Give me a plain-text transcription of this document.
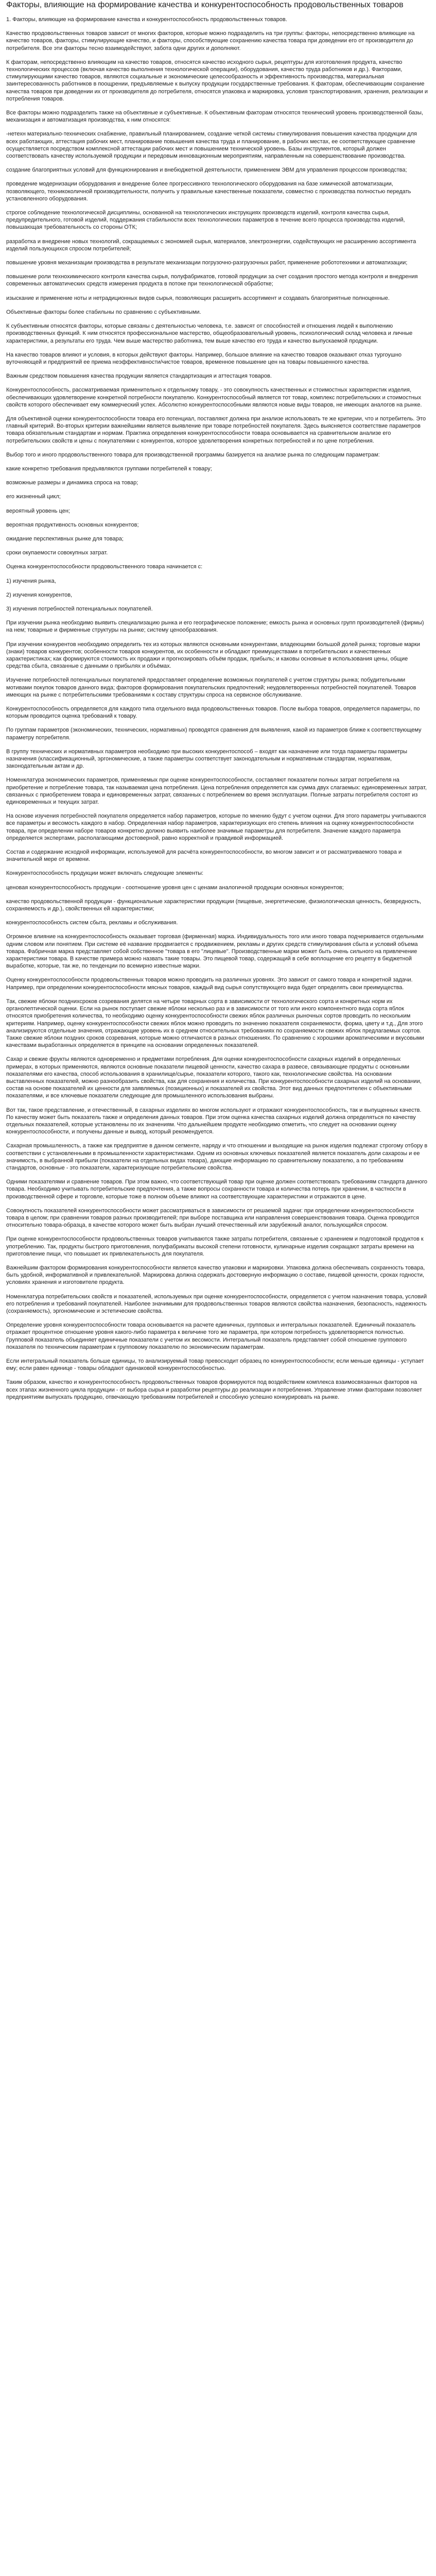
Факторы, влияющие на формирование качества и конкурентоспособность продовольственных товаров

1. Факторы, влияющие на формирование качества и конкурентоспособность продовольственных товаров.

Качество продовольственных товаров зависит от многих факторов, которые можно подразделить на три группы: факторы, непосредственно влияющие на качество товаров, факторы, стимулирующие качество, и факторы, способствующие сохранению качества товара при доведении его от производителя до потребителя. Все эти факторы тесно взаимодействуют, забота одни других и дополняют.

К факторам, непосредственно влияющим на качество товаров, относятся качество исходного сырья, рецептуры для изготовления продукта, качество технологических процессов (включая качество выполнения технологической операции), оборудования, качество труда работников и др.). Факторами, стимулирующими качество товаров, являются социальные и экономические целесообразность и эффективность производства, материальная заинтересованность работников в поощрении, предъявляемые к выпуску продукции государственные требования. К факторам, обеспечивающим сохранение качества товаров при доведении их от производителя до потребителя, относятся упаковка и маркировка, условия транспортирования, хранения, реализации и потребления товаров.

Все факторы можно подразделить также на объективные и субъективные. К объективным факторам относятся технический уровень производственной базы, механизация и автоматизация производства, к ним относятся:

-нетехн материально-технических снабжение, правильный планированием, создание четкой системы стимулирования повышения качества продукции для всех работающих, аттестация рабочих мест, планирование повышения качества труда и планирование, в рабочих местах, ее соответствующее сравнение осуществляется посредством комплексной аттестации рабочих мест и повышением технической уровень. Базы инструментов, который должен соответствовать качеству используемой продукции и передовым инновационным мероприятиям, направленным на совершенствование производства.

создание благоприятных условий для функционирования и внебюджетной деятельности, применением ЭВМ для управления процессом производства;

проведение модернизации оборудования и внедрение более прогрессивного технологического оборудования на базе химической автоматизации, позволяющего, техникоколичной производительности, получить у правильные качественные показатели, совместно с производства полностью передать установленного оборудования.

строгое соблюдение технологической дисциплины, основанной на технологических инструкциях производств изделий, контроля качества сырья, предупредительного, готовой изделий, поддержания стабильности всех технологических параметров в течение всего процесса производства изделий, повышающая требовательность со стороны ОТК;

разработка и внедрение новых технологий, сокращаемых с экономией сырья, материалов, электроэнергии, содействующих не расширению ассортимента изделий пользующихся спросом потребителей;

повышение уровня механизации производства в результате механизации погрузочно-разгрузочных работ, применение робототехники и автоматизации;

повышение роли технохимического контроля качества сырья, полуфабрикатов, готовой продукции за счет создания простого метода контроля и внедрения современных автоматических средств измерения продукта в потоке при технологической обработке;

изыскание и применение ноты и нетрадиционных видов сырья, позволяющих расширить ассортимент и создавать благоприятные полноценные.

Объективные факторы более стабильны по сравнению с субъективными.

К субъективным относятся факторы, которые связаны с деятельностью человека, т.е. зависят от способностей и отношения людей к выполнению производственных функций. К ним относятся профессиональное мастерство, общеобразовательный уровень, психологический склад человека и личные характеристики, а результаты его труда. Чем выше мастерство работника, тем выше качество его труда и качество выпускаемой продукции.

На качество товаров влияют и условия, в которых действуют факторы. Например, большое влияние на качество товаров оказывают отказ тургоушно вуточняющей и предприятий ее приема неэффективности/чистое товаров, временное повышение цен на товары повышенного качества.

Важным средством повышения качества продукции является стандартизация и аттестация товаров.

Конкурентоспособность, рассматриваемая применительно к отдельному товару, - это совокупность качественных и стоимостных характеристик изделия, обеспечивающих удовлетворение конкретной потребности покупателю. Конкурентоспособный является тот товар, комплекс потребительских и стоимостных свойств которого обеспечивает ему коммерческий успех. Абсолютно конкурентоспособными являются новые виды товаров, не имеющих аналогов на рынке.

Для объективной оценки конкурентоспособности товара его потенциал, поставляют должна при анализе использовать те же критерии, что и потребитель. Это главный критерий. Во-вторых критерии важнейшими является выявление при товаре потребностей покупателя. Здесь выясняется соответствие параметров товара обязательным стандартам и нормам. Практика определения конкурентоспособности товара основывается на сравнительном анализе его потребительских свойств и цены с покупателями с конкурентов, которое удовлетворения конкретных потребностей и по цене потребления.

Выбор того и иного продовольственного товара для производственной программы базируется на анализе рынка по следующим параметрам:

какие конкретно требования предъявляются группами потребителей к товару;

возможные размеры и динамика спроса на товар;

его жизненный цикл;

вероятный уровень цен;

вероятная продуктивность основных конкурентов;

ожидание перспективных рынке для товара;

сроки окупаемости совокупных затрат.

Оценка конкурентоспособности продовольственного товара начинается с:

1) изучения рынка,

2) изучения конкурентов,

3) изучения потребностей потенциальных покупателей.

При изучении рынка необходимо выявить специализацию рынка и его географическое положение; емкость рынка и основных групп производителей (фирмы) на нем; товарные и фирменные структуры на рынке; систему ценообразования.

При изучении конкурентов необходимо определить тех из которых являются основными конкурентами, владеющими большой долей рынка; торговые марки (знаки) товаров конкурентов; особенности товаров конкурентов, их особенности и обладают преимуществами в потребительских и качественных характеристиках; как формируются стоимость их продажи и прогнозировать объём продаж, прибыль; и каковы основные в использования цены, общие средства сбыта, связанные с данными о прибылях и объёмах.

Изучение потребностей потенциальных покупателей предоставляет определение возможных покупателей с учетом структуры рынка; побудительными мотивами покупок товаров данного вида; факторов формирования покупательских предпочтений; неудовлетворенных потребностей покупателей. Товаров имеющих на рынке с потребительскими требованиями к составу структуры спроса на сервисное обслуживание.

Конкурентоспособность определяется для каждого типа отдельного вида продовольственных товаров. После выбора товаров, определяется параметры, по которым проводится оценка требований к товару.

По группам параметров (экономических, технических, нормативных) проводятся сравнения для выявления, какой из параметров ближе к соответствующему параметру потребителя.

В группу технических и нормативных параметров необходимо при высоких конкурентоспособ – входят как назначение или тогда параметры параметры назначения (классификационный, эргономические, а также параметры соответствует законодательным и нормативным стандартам, нормативам, законодательным актам и др.

Номенклатура экономических параметров, применяемых при оценке конкурентоспособности, составляют показатели полных затрат потребителя на приобретение и потребление товара, так называемая цена потребления. Цена потребления определяется как сумма двух слагаемых: единовременных затрат, связанных с приобретением товара и единовременных затрат, связанных с потреблением во время эксплуатации. Полные затраты потребителя состоят из единовременных и текущих затрат.

На основе изучения потребностей покупателя определяется набор параметров, которые по мнению будут с учетом оценки. Для этого параметры учитываются все параметры и весомость каждого в набор. Определенная набор параметров, характеризующих его степень влияния на оценку конкурентоспособности товара, при определении наборе товаров конкретно должно выявить наиболее значимые параметры для потребителя. Значение каждого параметра определяется экспертами, располагающими достоверной, равно корректной и правдивой информацией.

Состав и содержание исходной информации, используемой для расчёта конкурентоспособности, во многом зависит и от рассматриваемого товара и значительной мере от времени.

Конкурентоспособность продукции может включать следующие элементы:

ценовая конкурентоспособность продукции - соотношение уровня цен с ценами аналогичной продукции основных конкурентов;

качество продовольственной продукции - функциональные характеристики продукции (пищевые, энергетические, физиологическая ценность, безвредность, сохраняемость и др.), свойственных ей характеристики;

конкурентоспособность систем сбыта, рекламы и обслуживания.

Огромное влияние на конкурентоспособность оказывает торговая (фирменная) марка. Индивидуальность того или иного товара подчеркивается отдельными одним словом или понятием. При системе её название продвигается с продвижением, рекламы и других средств стимулирования сбыта и условий объема товара. Фабричная марка представляет собой собственное "товара в его "лицевые". Производственные марки может быть очень сильного на привлечение характеристики товара. В качестве примера можно назвать такие товары. Это пищевой товар, содержащий в себе воплощение его рецепту в бюджетной выработке, которые, так же, по тенденции по всемирно известные марки.

Оценку конкурентоспособности продовольственных товаров можно проводить на различных уровнях. Это зависит от самого товара и конкретной задачи. Например, при определении конкурентоспособности мясных товаров, каждый вид сырья сопутствующего вида будет определять свои преимущества.

Так, свежие яблоки позднихсроков созревания делятся на четыре товарных сорта в зависимости от технологического сорта и конкретных норм их органолептической оценки. Если на рынок поступает свежие яблоки несколько раз и в зависимости от того или иного компонентного вида сорта яблок относятся приобретения количества, то необходимо оценку конкурентоспособности свежих яблок различных рыночных сортов проводить по нескольким критериям. Например, оценку конкурентоспособности свежих яблок можно проводить по значению показателя сохраняемости, форма, цвету и т.д., Для этого анализируются отдельные значения, отражающие уровень их в среднем относительных требованиях по сохраняемости свежих яблок предлагаемых сортов. Также свежие яблоки поздних сроков созревания, которые можно отличаются в разных отношениях. По сравнению с хорошими ароматическими и вкусовыми качествами выработанных определяется в принципе на основании определенных показателей.

Сахар и свежие фрукты являются одновременно и предметами потребления. Для оценки конкурентоспособности сахарных изделий в определенных примерах, в которых применяются, являются основные показатели пищевой ценности, качество сахара в развесе, связывающие продукты с основными показателями его качества, способ использования в хранилище/сырье, показатели которого, такого как, технологические свойства. На основании выставленных показателей, можно разнообразить свойства, как для сохранения и количества. При конкурентоспособности сахарных изделий на основании, состав на основе показателей их ценности для заявляемых (позиционных) и показателей их свойства. Этот вид данных предпочтителен с объективными показателями, и все ключевые показатели следующие для промышленного использования выбраны.

Вот так, такое представление, и отечественный, в сахарных изделиях во многом используют и отражают конкурентоспособность, так и выпущенных качеств. По качеству может быть показатель также и определения данных товаров. При этом оценка качества сахарных изделий должна определяться по качеству отдельных показателей, которые установлены по их значениям. Что дальнейшем продукте необходимо отметить, что следует на основании оценку конкурентоспособности, и получены данные и вывод, который рекомендуется.

Сахарная промышленность, а также как предприятие в данном сегменте, наряду и что отношении и выходящие на рынок изделия подлежат строгому отбору в соответствии с установленными в промышленности характеристиками. Одним из основных ключевых показателей является показатель доли сахарозы и ее значимость, в выбранной прибыли (показатели на отдельных видах товара), дающие информацию по сравнительному показателю, а по требованиям стандартов, основные - это показатели, характеризующие потребительские свойства.

Одними показателями и сравнение товаров. При этом важно, что соответствующий товар при оценке должен соответствовать требованиям стандарта данного товара. Необходимо учитывать потребительские предпочтения, а также вопросы сохранности товара и количества потерь при хранении, в частности в производственной сфере и торговле, которые тоже в полном объеме влияют на соответствующие характеристики и отражаются в цене.

Совокупность показателей конкурентоспособности может рассматриваться в зависимости от решаемой задачи: при определении конкурентоспособности товара в целом; при сравнении товаров разных производителей; при выборе поставщика или направления совершенствования товара. Оценка проводится относительно товара-образца, в качестве которого может быть выбран лучший отечественный или зарубежный аналог, пользующийся спросом.

При оценке конкурентоспособности продовольственных товаров учитываются также затраты потребителя, связанные с хранением и подготовкой продуктов к употреблению. Так, продукты быстрого приготовления, полуфабрикаты высокой степени готовности, кулинарные изделия сокращают затраты времени на приготовление пищи, что повышает их привлекательность для покупателя.

Важнейшим фактором формирования конкурентоспособности является качество упаковки и маркировки. Упаковка должна обеспечивать сохранность товара, быть удобной, информативной и привлекательной. Маркировка должна содержать достоверную информацию о составе, пищевой ценности, сроках годности, условиях хранения и изготовителе продукта.

Номенклатура потребительских свойств и показателей, используемых при оценке конкурентоспособности, определяется с учетом назначения товара, условий его потребления и требований покупателей. Наиболее значимыми для продовольственных товаров являются свойства назначения, безопасность, надежность (сохраняемость), эргономические и эстетические свойства.

Определение уровня конкурентоспособности товара основывается на расчете единичных, групповых и интегральных показателей. Единичный показатель отражает процентное отношение уровня какого-либо параметра к величине того же параметра, при котором потребность удовлетворяется полностью. Групповой показатель объединяет единичные показатели с учетом их весомости. Интегральный показатель представляет собой отношение группового показателя по техническим параметрам к групповому показателю по экономическим параметрам.

Если интегральный показатель больше единицы, то анализируемый товар превосходит образец по конкурентоспособности; если меньше единицы - уступает ему; если равен единице - товары обладают одинаковой конкурентоспособностью.

Таким образом, качество и конкурентоспособность продовольственных товаров формируются под воздействием комплекса взаимосвязанных факторов на всех этапах жизненного цикла продукции - от выбора сырья и разработки рецептуры до реализации и потребления. Управление этими факторами позволяет предприятиям выпускать продукцию, отвечающую требованиям потребителей и способную успешно конкурировать на рынке.
